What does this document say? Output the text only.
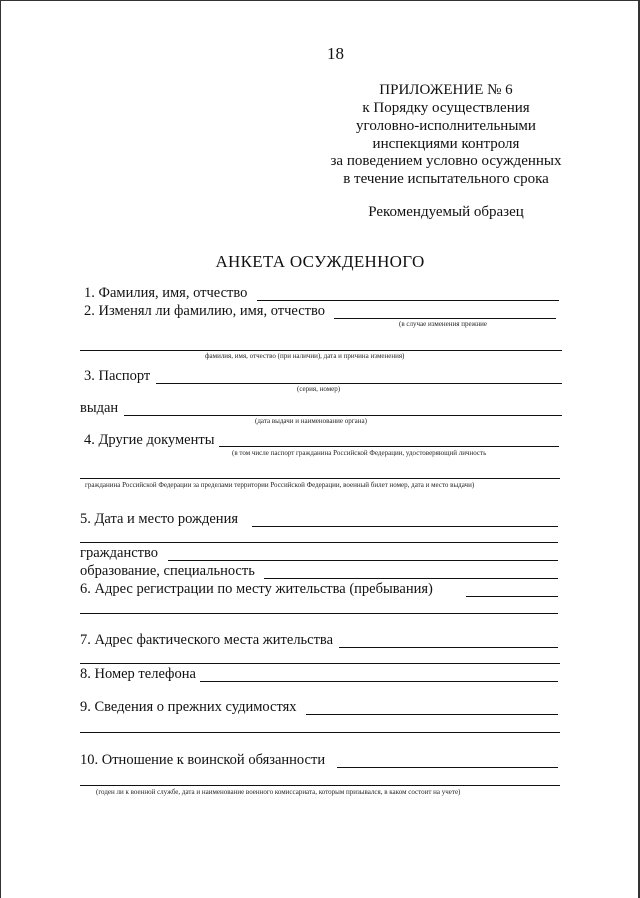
18
ПРИЛОЖЕНИЕ № 6
к Порядку осуществления
уголовно-исполнительными
инспекциями контроля
за поведением условно осужденных
в течение испытательного срока
Рекомендуемый образец
АНКЕТА ОСУЖДЕННОГО
1. Фамилия, имя, отчество
2. Изменял ли фамилию, имя, отчество
(в случае изменения прежние
фамилия, имя, отчество (при наличии), дата и причина изменения)
3. Паспорт
(серия, номер)
выдан
(дата выдачи и наименование органа)
4. Другие документы
(в том числе паспорт гражданина Российской Федерации, удостоверяющий личность
гражданина Российской Федерации за пределами территории Российской Федерации, военный билет номер, дата и место выдачи)
5. Дата и место рождения
гражданство
образование, специальность
6. Адрес регистрации по месту жительства (пребывания)
7. Адрес фактического места жительства
8. Номер телефона
9. Сведения о прежних судимостях
10. Отношение к воинской обязанности
(годен ли к военной службе, дата и наименование военного комиссариата, которым призывался, в каком состоит на учете)
